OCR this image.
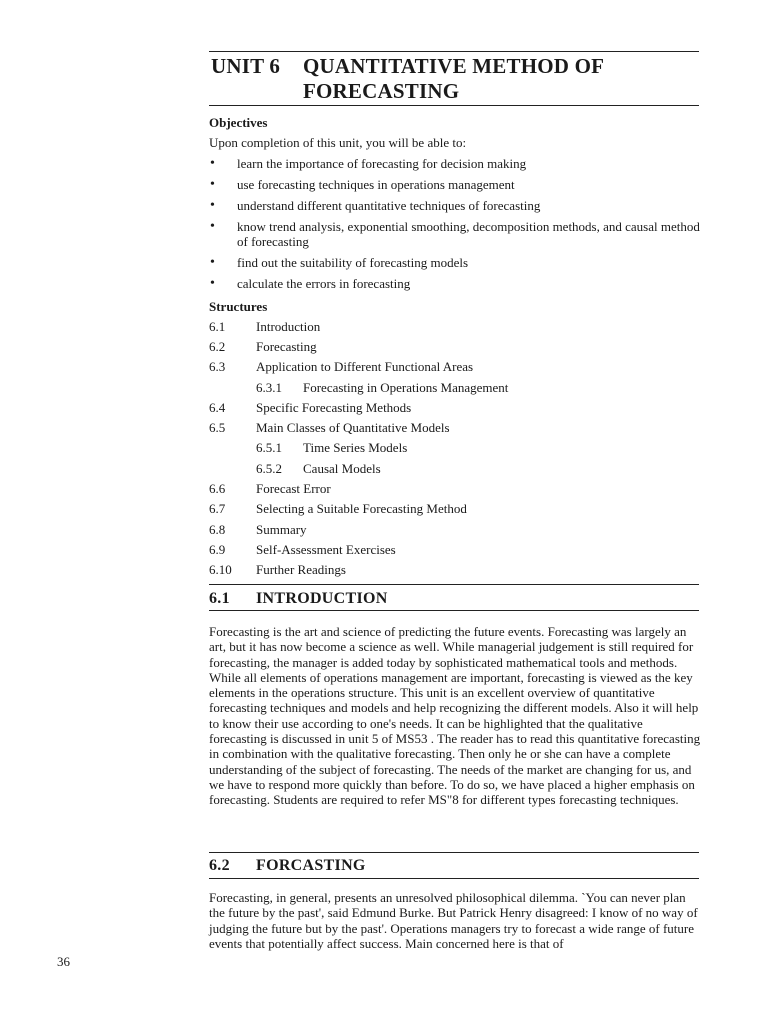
UNIT 6 QUANTITATIVE METHOD OF
FORECASTING
Objectives
Upon completion of this unit, you will be able to:
• learn the importance of forecasting for decision making
• use forecasting techniques in operations management
• understand different quantitative techniques of forecasting
• know trend analysis, exponential smoothing, decomposition methods, and causal method of forecasting
• find out the suitability of forecasting models
• calculate the errors in forecasting
Structures
6.1 Introduction
6.2 Forecasting
6.3 Application to Different Functional Areas
6.3.1 Forecasting in Operations Management
6.4 Specific Forecasting Methods
6.5 Main Classes of Quantitative Models
6.5.1 Time Series Models
6.5.2 Causal Models
6.6 Forecast Error
6.7 Selecting a Suitable Forecasting Method
6.8 Summary
6.9 Self-Assessment Exercises
6.10 Further Readings
6.1 INTRODUCTION

Forecasting is the art and science of predicting the future events. Forecasting was largely an art, but it has now become a science as well. While managerial judgement is still required for forecasting, the manager is added today by sophisticated mathematical tools and methods. While all elements of operations management are important, forecasting is viewed as the key elements in the operations structure. This unit is an excellent overview of quantitative forecasting techniques and models and help recognizing the different models. Also it will help to know their use according to one's needs. It can be highlighted that the qualitative forecasting is discussed in unit 5 of MS53 . The reader has to read this quantitative forecasting in combination with the qualitative forecasting. Then only he or she can have a complete understanding of the subject of forecasting. The needs of the market are changing for us, and we have to respond more quickly than before. To do so, we have placed a higher emphasis on forecasting. Students are required to refer MS"8 for different types forecasting techniques.

6.2 FORCASTING

Forecasting, in general, presents an unresolved philosophical dilemma. `You can never plan the future by the past', said Edmund Burke. But Patrick Henry disagreed: I know of no way of judging the future but by the past'. Operations managers try to forecast a wide range of future events that potentially affect success. Main concerned here is that of

36
